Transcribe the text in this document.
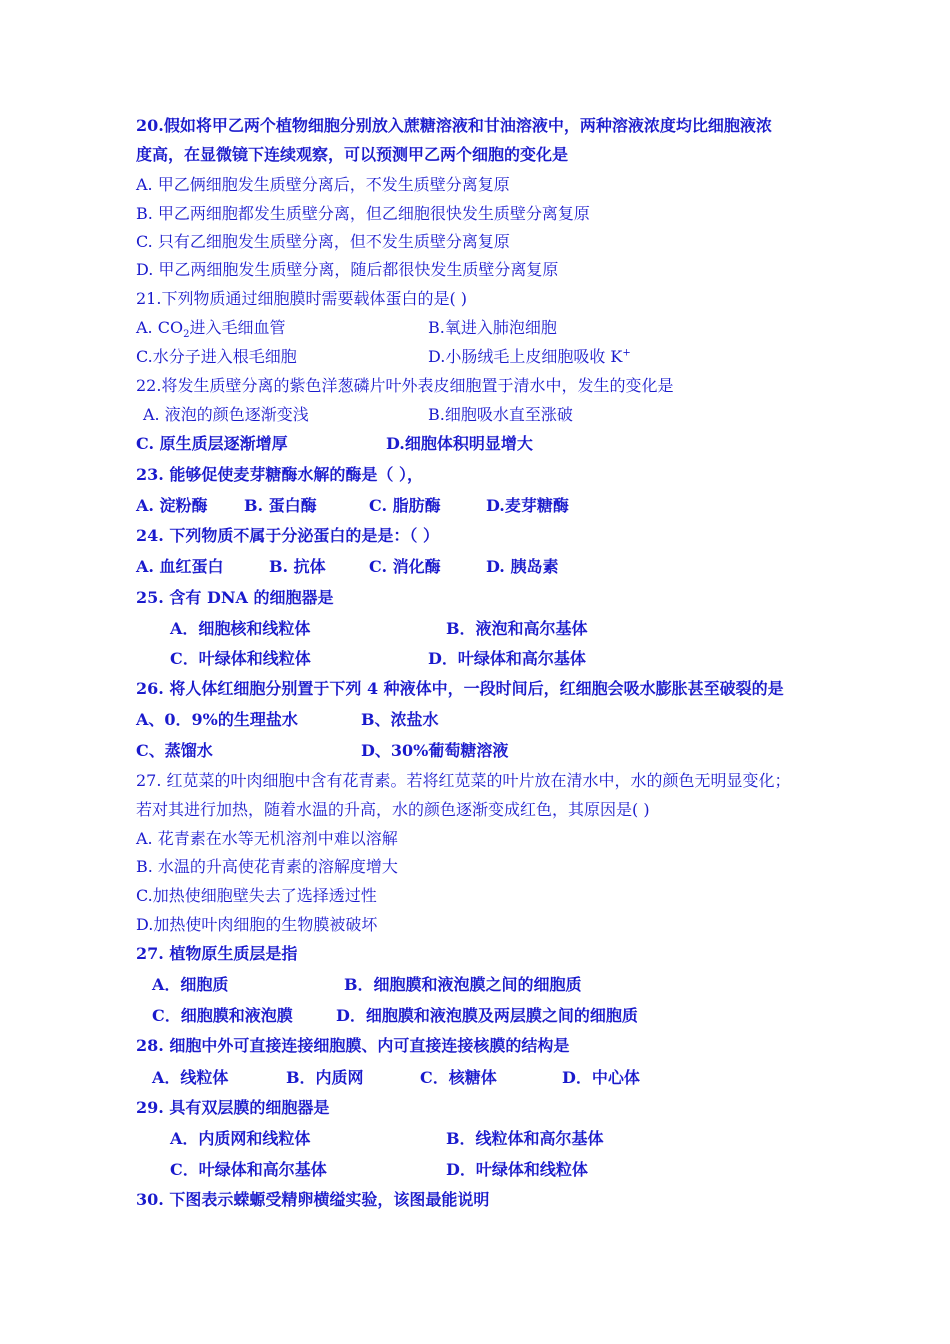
20.假如将甲乙两个植物细胞分别放入蔗糖溶液和甘油溶液中，两种溶液浓度均比细胞液浓
度高，在显微镜下连续观察，可以预测甲乙两个细胞的变化是
A. 甲乙俩细胞发生质壁分离后，不发生质壁分离复原
B. 甲乙两细胞都发生质壁分离，但乙细胞很快发生质壁分离复原
C. 只有乙细胞发生质壁分离，但不发生质壁分离复原
D. 甲乙两细胞发生质壁分离，随后都很快发生质壁分离复原
21.下列物质通过细胞膜时需要载体蛋白的是( )
A. $CO_2$进入毛细血管	B.氧进入肺泡细胞
C.水分子进入根毛细胞	D.小肠绒毛上皮细胞吸收 K+
22.将发生质壁分离的紫色洋葱磷片叶外表皮细胞置于清水中，发生的变化是
A. 液泡的颜色逐渐变浅	B.细胞吸水直至涨破
C. 原生质层逐渐增厚	D.细胞体积明显增大
23. 能够促使麦芽糖酶水解的酶是（ ），
A. 淀粉酶 B. 蛋白酶	C. 脂肪酶	D.麦芽糖酶
24. 下列物质不属于分泌蛋白的是是：（ ）
A. 血红蛋白	B. 抗体	C. 消化酶	D. 胰岛素
25. 含有 DNA 的细胞器是
A．细胞核和线粒体	B．液泡和高尔基体
C．叶绿体和线粒体	D．叶绿体和高尔基体
26. 将人体红细胞分别置于下列 4 种液体中，一段时间后，红细胞会吸水膨胀甚至破裂的是
A、0．9%的生理盐水	B、浓盐水
C、蒸馏水	D、30%葡萄糖溶液
27. 红苋菜的叶肉细胞中含有花青素。若将红苋菜的叶片放在清水中，水的颜色无明显变化；
若对其进行加热，随着水温的升高，水的颜色逐渐变成红色，其原因是( )
A. 花青素在水等无机溶剂中难以溶解
B. 水温的升高使花青素的溶解度增大
C.加热使细胞壁失去了选择透过性
D.加热使叶肉细胞的生物膜被破坏
27. 植物原生质层是指
A．细胞质	B．细胞膜和液泡膜之间的细胞质
C．细胞膜和液泡膜	D．细胞膜和液泡膜及两层膜之间的细胞质
28. 细胞中外可直接连接细胞膜、内可直接连接核膜的结构是
A．线粒体	B．内质网	C．核糖体	D．中心体
29. 具有双层膜的细胞器是
A．内质网和线粒体	B．线粒体和高尔基体
C．叶绿体和高尔基体	D．叶绿体和线粒体
30. 下图表示蝾螈受精卵横缢实验，该图最能说明
